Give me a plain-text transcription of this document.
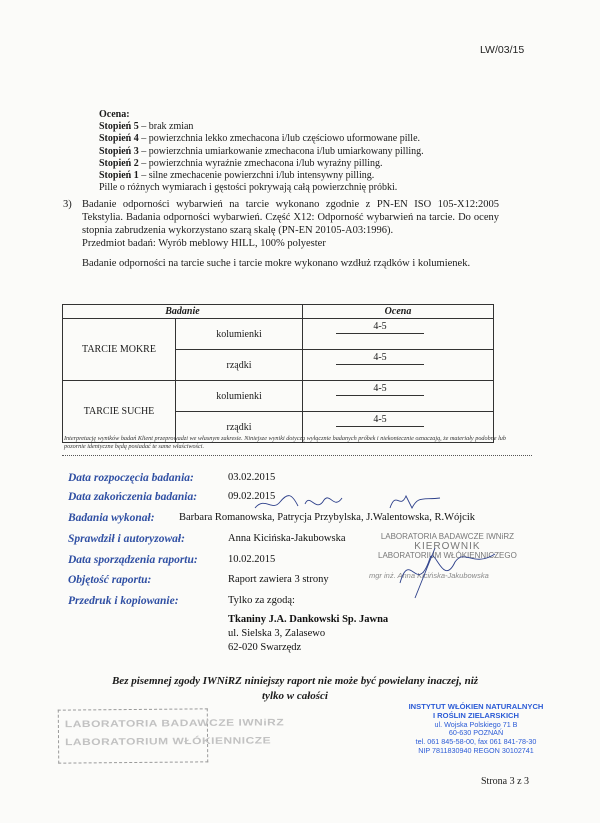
LW/03/15
Ocena:
Stopień 5 – brak zmian
Stopień 4 – powierzchnia lekko zmechacona i/lub częściowo uformowane pille.
Stopień 3 – powierzchnia umiarkowanie zmechacona i/lub umiarkowany pilling.
Stopień 2 – powierzchnia wyraźnie zmechacona i/lub wyraźny pilling.
Stopień 1 – silne zmechacenie powierzchni i/lub intensywny pilling.
Pille o różnych wymiarach i gęstości pokrywają całą powierzchnię próbki.
3) Badanie odporności wybarwień na tarcie wykonano zgodnie z PN-EN ISO 105-X12:2005 Tekstylia. Badania odporności wybarwień. Część X12: Odporność wybarwień na tarcie. Do oceny stopnia zabrudzenia wykorzystano szarą skalę (PN-EN 20105-A03:1996).
Przedmiot badań: Wyrób meblowy HILL, 100% polyester
Badanie odporności na tarcie suche i tarcie mokre wykonano wzdłuż rządków i kolumienek.
Badanie		Ocena
TARCIE MOKRE	kolumienki	4-5

	rządki	4-5

TARCIE SUCHE	kolumienki	4-5

	rządki	4-5
Interpretację wyników badań Klient przeprowadzi we własnym zakresie. Niniejsze wyniki dotyczą wyłącznie badanych próbek i niekoniecznie oznaczają, że materiały podobne lub pozornie identyczne będą posiadać te same właściwości.
Data rozpoczęcia badania:	03.02.2015
Data zakończenia badania:	09.02.2015
Badania wykonał: Barbara Romanowska, Patrycja Przybylska, J.Walentowska, R.Wójcik
Sprawdził i autoryzował:	Anna Kicińska-Jakubowska
Data sporządzenia raportu:	10.02.2015
Objętość raportu:	Raport zawiera 3 strony
Przedruk i kopiowanie:	Tylko za zgodą:
Tkaniny J.A. Dankowski Sp. Jawna
ul. Sielska 3, Zalasewo
62-020 Swarzędz
LABORATORIA BADAWCZE IWNiRZ
KIEROWNIK
LABORATORIUM WŁÓKIENNICZEGO
mgr inż. Anna Kicińska-Jakubowska
Bez pisemnej zgody IWNiRZ niniejszy raport nie może być powielany inaczej, niż
tylko w całości
LABORATORIA BADAWCZE IWNiRZ
LABORATORIUM WŁÓKIENNICZE
INSTYTUT WŁÓKIEN NATURALNYCH
I ROŚLIN ZIELARSKICH
ul. Wojska Polskiego 71 B
60-630 POZNAŃ
tel. 061 845-58-00, fax 061 841-78-30
NIP 7811830940 REGON 30102741
Strona 3 z 3
